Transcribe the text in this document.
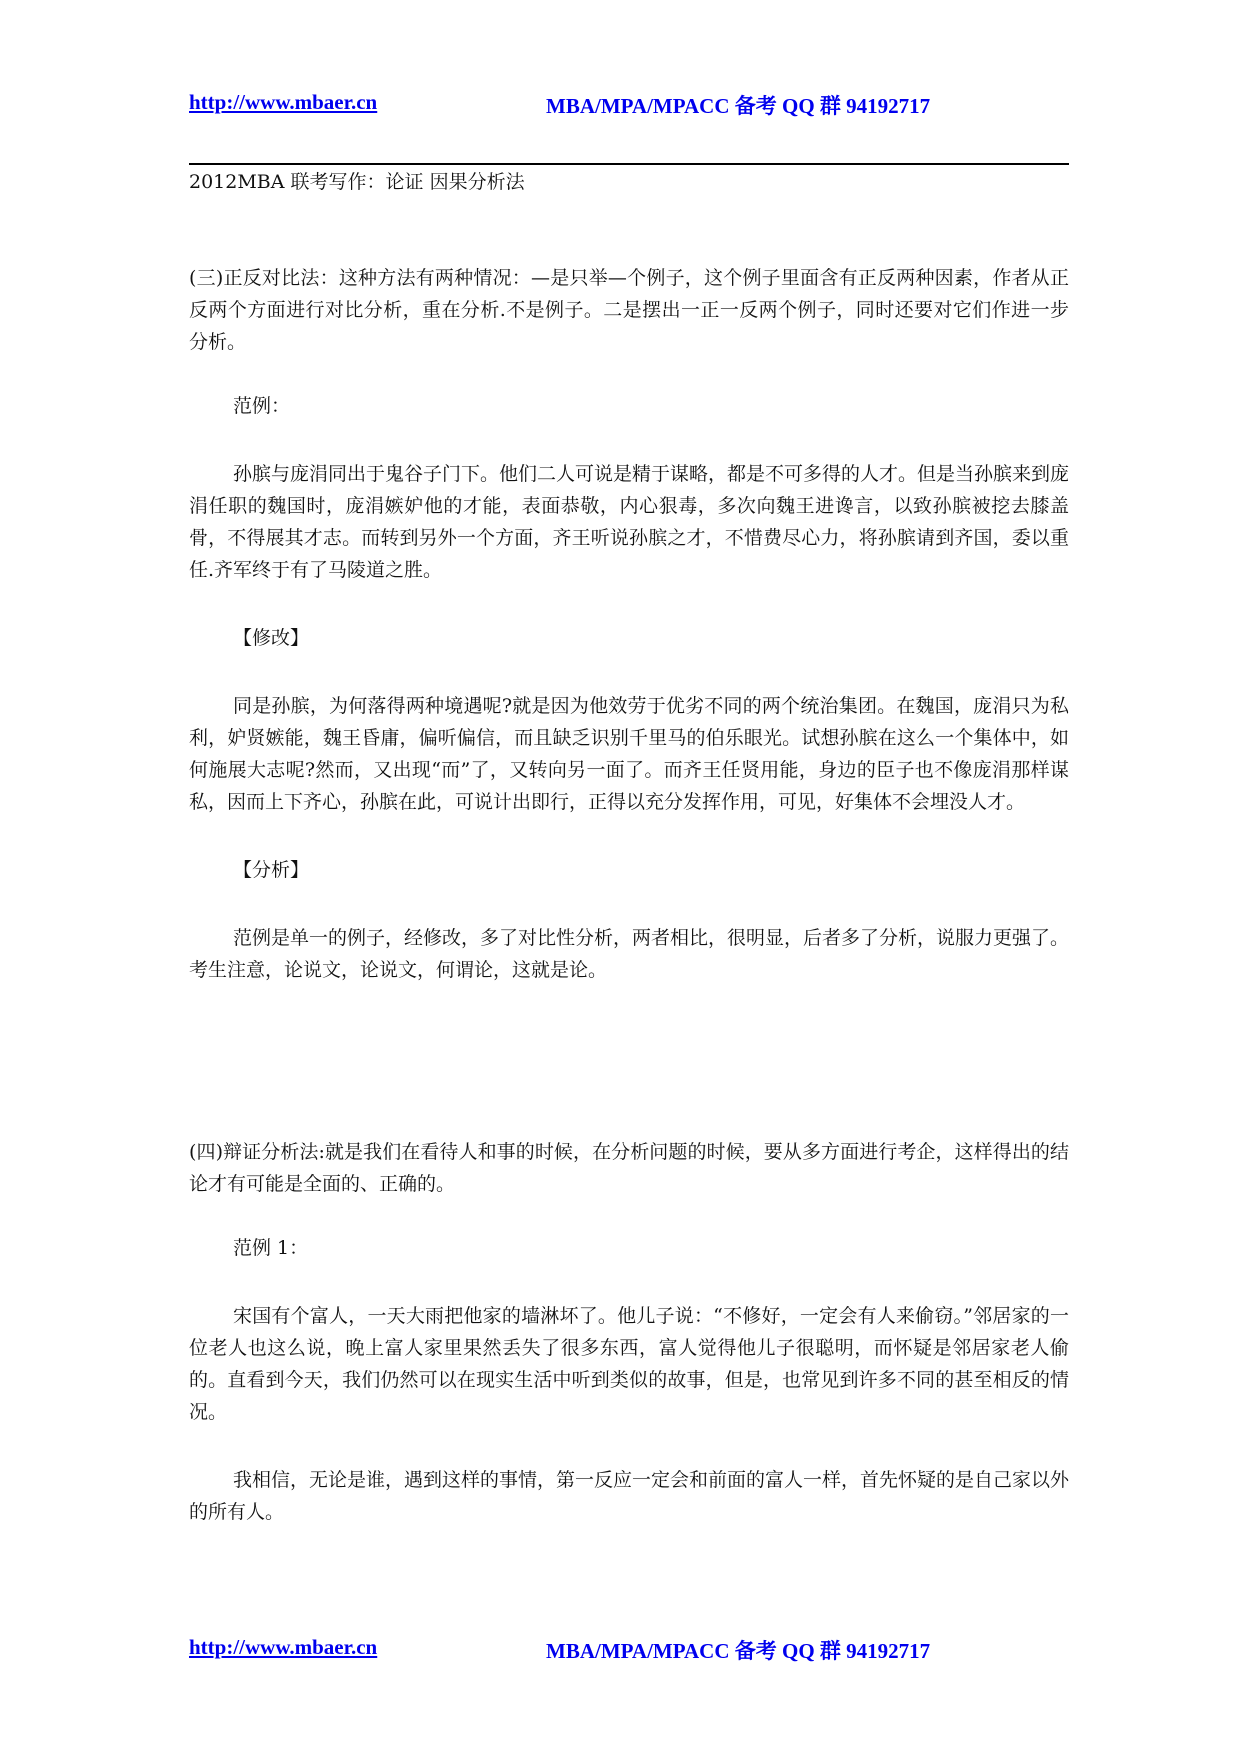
http://www.mbaer.cn	MBA/MPA/MPACC 备考 QQ 群 94192717
2012MBA 联考写作：论证 因果分析法

(三)正反对比法：这种方法有两种情况：—是只举—个例子，这个例子里面含有正反两种因素，作者从正反两个方面进行对比分析，重在分析.不是例子。二是摆出一正一反两个例子，同时还要对它们作进一步分析。

范例：

孙膑与庞涓同出于鬼谷子门下。他们二人可说是精于谋略，都是不可多得的人才。但是当孙膑来到庞涓任职的魏国时，庞涓嫉妒他的才能，表面恭敬，内心狠毒，多次向魏王进谗言，以致孙膑被挖去膝盖骨，不得展其才志。而转到另外一个方面，齐王听说孙膑之才，不惜费尽心力，将孙膑请到齐国，委以重任.齐军终于有了马陵道之胜。

【修改】

同是孙膑，为何落得两种境遇呢?就是因为他效劳于优劣不同的两个统治集团。在魏国，庞涓只为私利，妒贤嫉能，魏王昏庸，偏听偏信，而且缺乏识别千里马的伯乐眼光。试想孙膑在这么一个集体中，如何施展大志呢?然而，又出现“而”了，又转向另一面了。而齐王任贤用能，身边的臣子也不像庞涓那样谋私，因而上下齐心，孙膑在此，可说计出即行，正得以充分发挥作用，可见，好集体不会埋没人才。

【分析】

范例是单一的例子，经修改，多了对比性分析，两者相比，很明显，后者多了分析，说服力更强了。考生注意，论说文，论说文，何谓论，这就是论。

(四)辩证分析法:就是我们在看待人和事的时候，在分析问题的时候，要从多方面进行考企，这样得出的结论才有可能是全面的、正确的。

范例 1：

宋国有个富人，一天大雨把他家的墙淋坏了。他儿子说：“不修好，一定会有人来偷窃。”邻居家的一位老人也这么说，晚上富人家里果然丢失了很多东西，富人觉得他儿子很聪明，而怀疑是邻居家老人偷的。直看到今天，我们仍然可以在现实生活中听到类似的故事，但是，也常见到许多不同的甚至相反的情况。

我相信，无论是谁，遇到这样的事情，第一反应一定会和前面的富人一样，首先怀疑的是自己家以外的所有人。

http://www.mbaer.cn	MBA/MPA/MPACC 备考 QQ 群 94192717
